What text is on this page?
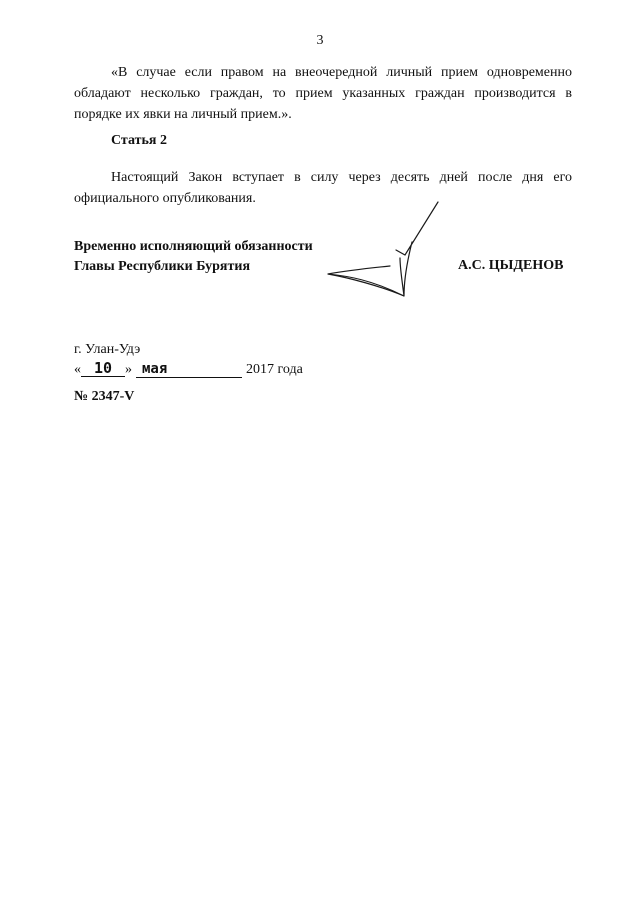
3

«В случае если правом на внеочередной личный прием одновременно обладают несколько граждан, то прием указанных граждан производится в порядке их явки на личный прием.».

Статья 2

Настоящий Закон вступает в силу через десять дней после дня его официального опубликования.

Временно исполняющий обязанности
Главы Республики Бурятия	А.С. ЦЫДЕНОВ
г. Улан-Удэ
« 10 » мая	2017 года
№ 2347-V
